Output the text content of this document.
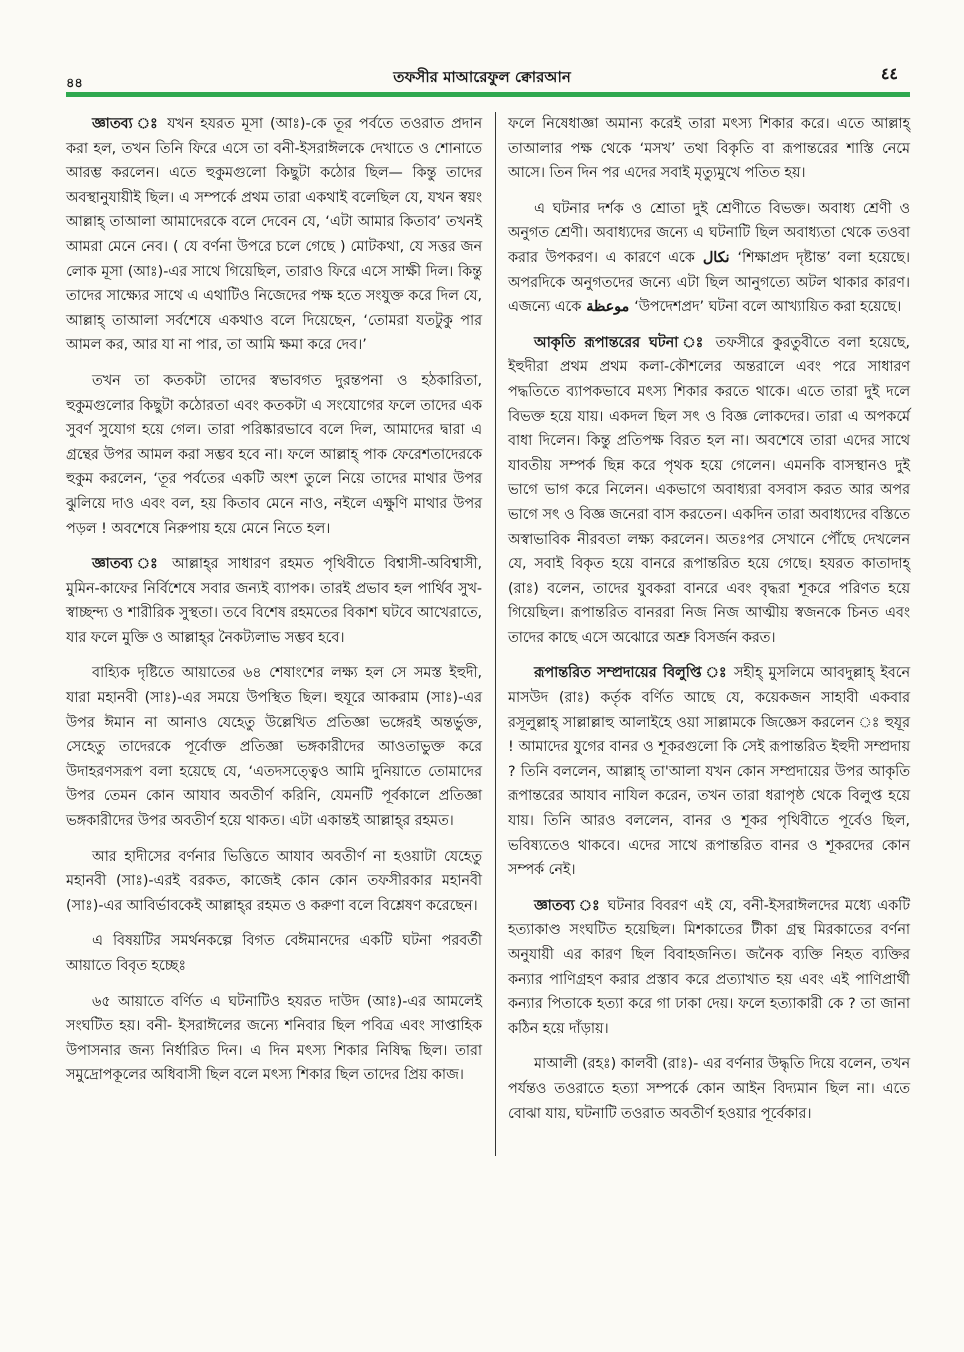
৪৪	তফসীর মাআরেফুল ক্বোরআন	٤٤

জ্ঞাতব্য ঃ যখন হযরত মূসা (আঃ)-কে তূর পর্বতে তওরাত প্রদান করা হল, তখন তিনি ফিরে এসে তা বনী-ইসরাঈলকে দেখাতে ও শোনাতে আরম্ভ করলেন। এতে হুকুমগুলো কিছুটা কঠোর ছিল— কিন্তু তাদের অবস্থানুযায়ীই ছিল। এ সম্পর্কে প্রথম তারা একথাই বলেছিল যে, যখন স্বয়ং আল্লাহ্‌ তাআলা আমাদেরকে বলে দেবেন যে, ‘এটা আমার কিতাব’ তখনই আমরা মেনে নেব। ( যে বর্ণনা উপরে চলে গেছে ) মোটকথা, যে সত্তর জন লোক মূসা (আঃ)-এর সাথে গিয়েছিল, তারাও ফিরে এসে সাক্ষী দিল। কিন্তু তাদের সাক্ষ্যের সাথে এ এথাটিও নিজেদের পক্ষ হতে সংযুক্ত করে দিল যে, আল্লাহ্‌ তাআলা সর্বশেষে একথাও বলে দিয়েছেন, ‘তোমরা যতটুকু পার আমল কর, আর যা না পার, তা আমি ক্ষমা করে দেব।’

তখন তা কতকটা তাদের স্বভাবগত দুরন্তপনা ও হঠকারিতা, হুকুমগুলোর কিছুটা কঠোরতা এবং কতকটা এ সংযোগের ফলে তাদের এক সুবর্ণ সুযোগ হয়ে গেল। তারা পরিষ্কারভাবে বলে দিল, আমাদের দ্বারা এ গ্রন্থের উপর আমল করা সম্ভব হবে না। ফলে আল্লাহ্‌ পাক ফেরেশতাদেরকে হুকুম করলেন, ‘তূর পর্বতের একটি অংশ তুলে নিয়ে তাদের মাথার উপর ঝুলিয়ে দাও এবং বল, হয় কিতাব মেনে নাও, নইলে এক্ষুণি মাথার উপর পড়ল ! অবশেষে নিরুপায় হয়ে মেনে নিতে হল।

জ্ঞাতব্য ঃ আল্লাহ্‌র সাধারণ রহমত পৃথিবীতে বিশ্বাসী-অবিশ্বাসী, মুমিন-কাফের নির্বিশেষে সবার জন্যই ব্যাপক। তারই প্রভাব হল পার্থিব সুখ-স্বাচ্ছন্দ্য ও শারীরিক সুস্থতা। তবে বিশেষ রহমতের বিকাশ ঘটবে আখেরাতে, যার ফলে মুক্তি ও আল্লাহ্‌র নৈকট্যলাভ সম্ভব হবে।

বাহ্যিক দৃষ্টিতে আয়াতের ৬৪ শেষাংশের লক্ষ্য হল সে সমস্ত ইহুদী, যারা মহানবী (সাঃ)-এর সময়ে উপস্থিত ছিল। হুযূরে আকরাম (সাঃ)-এর উপর ঈমান না আনাও যেহেতু উল্লেখিত প্রতিজ্ঞা ভঙ্গেরই অন্তর্ভুক্ত, সেহেতু তাদেরকে পূর্বোক্ত প্রতিজ্ঞা ভঙ্গকারীদের আওতাভুক্ত করে উদাহরণসরূপ বলা হয়েছে যে, ‘এতদসত্ত্বেও আমি দুনিয়াতে তোমাদের উপর তেমন কোন আযাব অবতীর্ণ করিনি, যেমনটি পূর্বকালে প্রতিজ্ঞা ভঙ্গকারীদের উপর অবতীর্ণ হয়ে থাকত। এটা একান্তই আল্লাহ্‌র রহমত।

আর হাদীসের বর্ণনার ভিত্তিতে আযাব অবতীর্ণ না হওয়াটা যেহেতু মহানবী (সাঃ)-এরই বরকত, কাজেই কোন কোন তফসীরকার মহানবী (সাঃ)-এর আবির্ভাবকেই আল্লাহ্‌র রহমত ও করুণা বলে বিশ্লেষণ করেছেন।

এ বিষয়টির সমর্থনকল্পে বিগত বেঈমানদের একটি ঘটনা পরবর্তী আয়াতে বিবৃত হচ্ছেঃ

৬৫ আয়াতে বর্ণিত এ ঘটনাটিও হযরত দাউদ (আঃ)-এর আমলেই সংঘটিত হয়। বনী- ইসরাঈলের জন্যে শনিবার ছিল পবিত্র এবং সাপ্তাহিক উপাসনার জন্য নির্ধারিত দিন। এ দিন মৎস্য শিকার নিষিদ্ধ ছিল। তারা সমুদ্রোপকূলের অধিবাসী ছিল বলে মৎস্য শিকার ছিল তাদের প্রিয় কাজ।

ফলে নিষেধাজ্ঞা অমান্য করেই তারা মৎস্য শিকার করে। এতে আল্লাহ্‌ তাআলার পক্ষ থেকে ‘মসখ’ তথা বিকৃতি বা রূপান্তরের শাস্তি নেমে আসে। তিন দিন পর এদের সবাই মৃত্যুমুখে পতিত হয়।

এ ঘটনার দর্শক ও শ্রোতা দুই শ্রেণীতে বিভক্ত। অবাধ্য শ্রেণী ও অনুগত শ্রেণী। অবাধ্যদের জন্যে এ ঘটনাটি ছিল অবাধ্যতা থেকে তওবা করার উপকরণ। এ কারণে একে نكال ‘শিক্ষাপ্রদ দৃষ্টান্ত’ বলা হয়েছে। অপরদিকে অনুগতদের জন্যে এটা ছিল আনুগত্যে অটল থাকার কারণ। এজন্যে একে موعظة ‘উপদেশপ্রদ’ ঘটনা বলে আখ্যায়িত করা হয়েছে।

আকৃতি রূপান্তরের ঘটনা ঃ তফসীরে কুরতুবীতে বলা হয়েছে, ইহুদীরা প্রথম প্রথম কলা-কৌশলের অন্তরালে এবং পরে সাধারণ পদ্ধতিতে ব্যাপকভাবে মৎস্য শিকার করতে থাকে। এতে তারা দুই দলে বিভক্ত হয়ে যায়। একদল ছিল সৎ ও বিজ্ঞ লোকদের। তারা এ অপকর্মে বাধা দিলেন। কিন্তু প্রতিপক্ষ বিরত হল না। অবশেষে তারা এদের সাথে যাবতীয় সম্পর্ক ছিন্ন করে পৃথক হয়ে গেলেন। এমনকি বাসস্থানও দুই ভাগে ভাগ করে নিলেন। একভাগে অবাধ্যরা বসবাস করত আর অপর ভাগে সৎ ও বিজ্ঞ জনেরা বাস করতেন। একদিন তারা অবাধ্যদের বস্তিতে অস্বাভাবিক নীরবতা লক্ষ্য করলেন। অতঃপর সেখানে পৌঁছে দেখলেন যে, সবাই বিকৃত হয়ে বানরে রূপান্তরিত হয়ে গেছে। হযরত কাতাদাহ্‌ (রাঃ) বলেন, তাদের যুবকরা বানরে এবং বৃদ্ধরা শূকরে পরিণত হয়ে গিয়েছিল। রূপান্তরিত বানররা নিজ নিজ আত্মীয় স্বজনকে চিনত এবং তাদের কাছে এসে অঝোরে অশ্রু বিসর্জন করত।

রূপান্তরিত সম্প্রদায়ের বিলুপ্তি ঃ সহীহ্‌ মুসলিমে আবদুল্লাহ্‌ ইবনে মাসউদ (রাঃ) কর্তৃক বর্ণিত আছে যে, কয়েকজন সাহাবী একবার রসূলুল্লাহ্‌ সাল্লাল্লাহু আলাইহে ওয়া সাল্লামকে জিজ্ঞেস করলেন ঃ হুযূর ! আমাদের যুগের বানর ও শূকরগুলো কি সেই রূপান্তরিত ইহুদী সম্প্রদায় ? তিনি বললেন, আল্লাহ্‌ তা'আলা যখন কোন সম্প্রদায়ের উপর আকৃতি রূপান্তরের আযাব নাযিল করেন, তখন তারা ধরাপৃষ্ঠ থেকে বিলুপ্ত হয়ে যায়। তিনি আরও বললেন, বানর ও শূকর পৃথিবীতে পূর্বেও ছিল, ভবিষ্যতেও থাকবে। এদের সাথে রূপান্তরিত বানর ও শূকরদের কোন সম্পর্ক নেই।

জ্ঞাতব্য ঃ ঘটনার বিবরণ এই যে, বনী-ইসরাঈলদের মধ্যে একটি হত্যাকাণ্ড সংঘটিত হয়েছিল। মিশকাতের টীকা গ্রন্থ মিরকাতের বর্ণনা অনুযায়ী এর কারণ ছিল বিবাহজনিত। জনৈক ব্যক্তি নিহত ব্যক্তির কন্যার পাণিগ্রহণ করার প্রস্তাব করে প্রত্যাখাত হয় এবং এই পাণিপ্রার্থী কন্যার পিতাকে হত্যা করে গা ঢাকা দেয়। ফলে হত্যাকারী কে ? তা জানা কঠিন হয়ে দাঁড়ায়।

মাআলী (রহঃ) কালবী (রাঃ)- এর বর্ণনার উদ্ধৃতি দিয়ে বলেন, তখন পর্যন্তও তওরাতে হত্যা সম্পর্কে কোন আইন বিদ্যমান ছিল না। এতে বোঝা যায়, ঘটনাটি তওরাত অবতীর্ণ হওয়ার পূর্বেকার।
